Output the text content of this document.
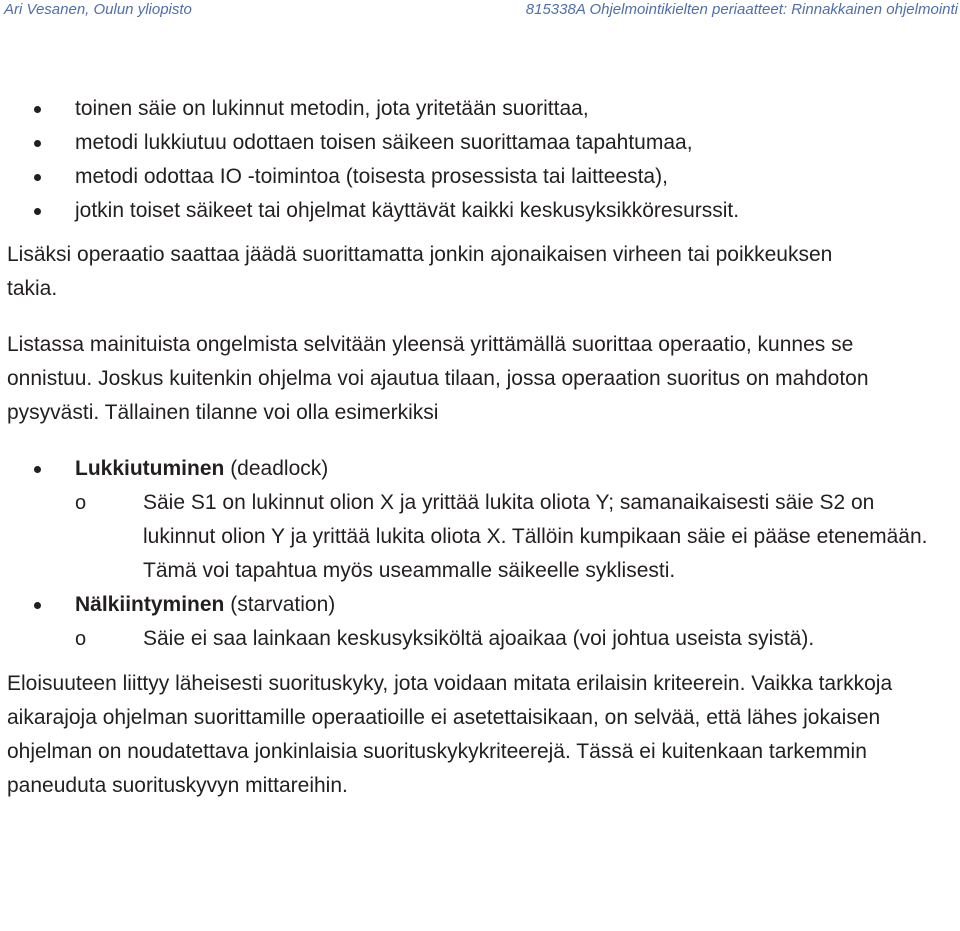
Ari Vesanen, Oulun yliopisto	815338A Ohjelmointikielten periaatteet: Rinnakkainen ohjelmointi
toinen säie on lukinnut metodin, jota yritetään suorittaa,
metodi lukkiutuu odottaen toisen säikeen suorittamaa tapahtumaa,
metodi odottaa IO -toimintoa (toisesta prosessista tai laitteesta),
jotkin toiset säikeet tai ohjelmat käyttävät kaikki keskusyksikköresurssit.

Lisäksi operaatio saattaa jäädä suorittamatta jonkin ajonaikaisen virheen tai poikkeuksen takia.

Listassa mainituista ongelmista selvitään yleensä yrittämällä suorittaa operaatio, kunnes se onnistuu. Joskus kuitenkin ohjelma voi ajautua tilaan, jossa operaation suoritus on mahdoton pysyvästi. Tällainen tilanne voi olla esimerkiksi

Lukkiutuminen (deadlock)
o	Säie S1 on lukinnut olion X ja yrittää lukita oliota Y; samanaikaisesti säie S2 on lukinnut olion Y ja yrittää lukita oliota X. Tällöin kumpikaan säie ei pääse etenemään. Tämä voi tapahtua myös useammalle säikeelle syklisesti.
Nälkiintyminen (starvation)
o	Säie ei saa lainkaan keskusyksiköltä ajoaikaa (voi johtua useista syistä).

Eloisuuteen liittyy läheisesti suorituskyky, jota voidaan mitata erilaisin kriteerein. Vaikka tarkkoja aikarajoja ohjelman suorittamille operaatioille ei asetettaisikaan, on selvää, että lähes jokaisen ohjelman on noudatettava jonkinlaisia suorituskykykriteerejä. Tässä ei kuitenkaan tarkemmin paneuduta suorituskyvyn mittareihin.
